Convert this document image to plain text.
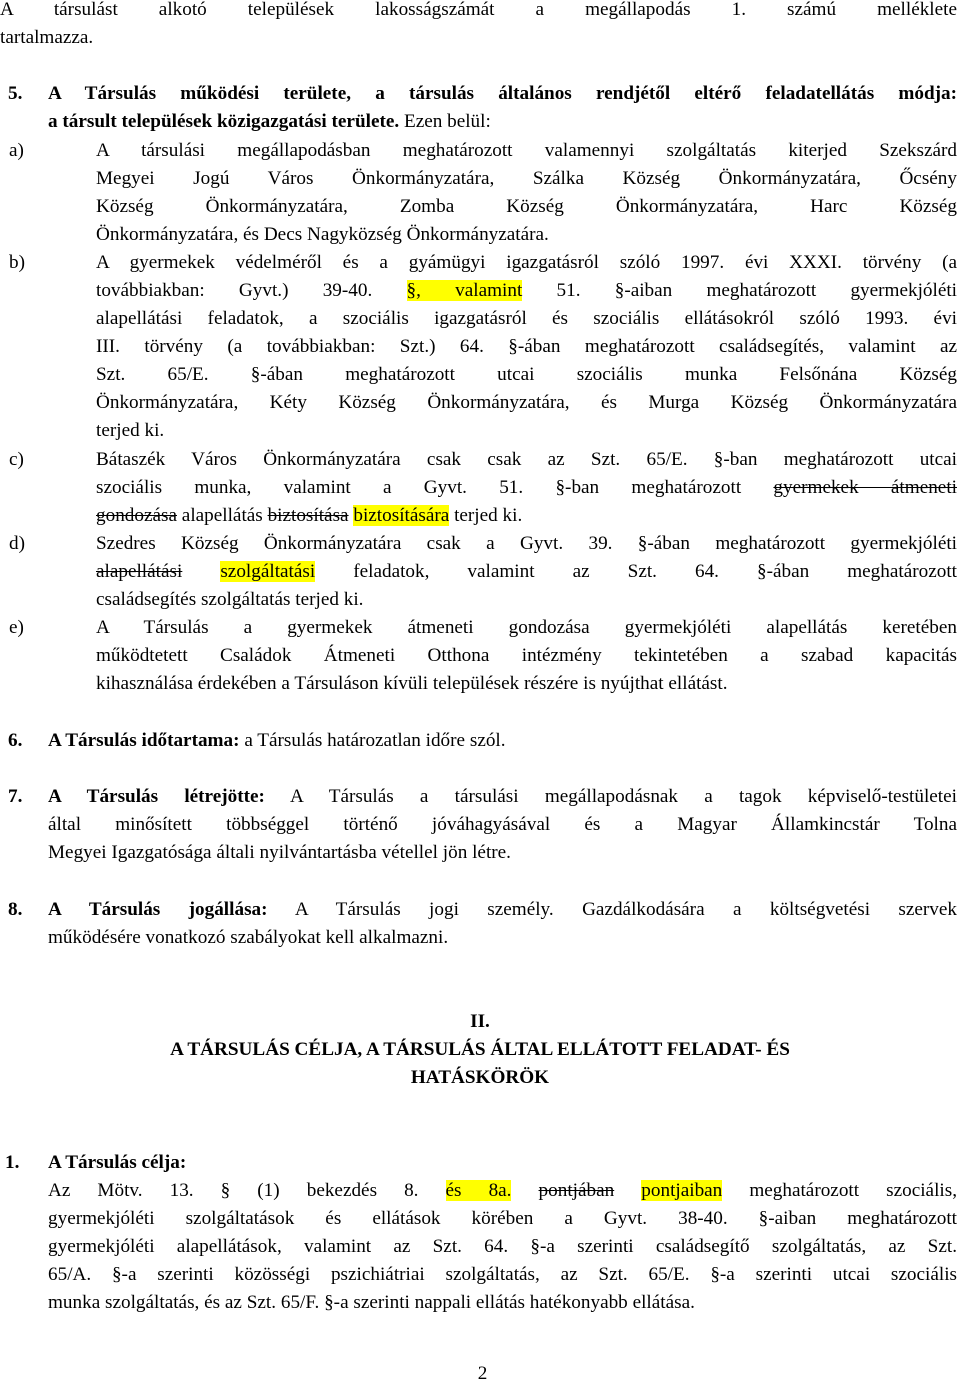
A társulást alkotó települések lakosságszámát a megállapodás 1. számú melléklete
tartalmazza.
5. A Társulás működési területe, a társulás általános rendjétől eltérő feladatellátás módja:
a társult települések közigazgatási területe. Ezen belül:
a)	A társulási megállapodásban meghatározott valamennyi szolgáltatás kiterjed Szekszárd
Megyei Jogú Város Önkormányzatára, Szálka Község Önkormányzatára, Őcsény
Község Önkormányzatára, Zomba Község Önkormányzatára, Harc Község
Önkormányzatára, és Decs Nagyközség Önkormányzatára.
b)	A gyermekek védelméről és a gyámügyi igazgatásról szóló 1997. évi XXXI. törvény (a
továbbiakban: Gyvt.) 39-40. §, valamint 51. §-aiban meghatározott gyermekjóléti
alapellátási feladatok, a szociális igazgatásról és szociális ellátásokról szóló 1993. évi
III. törvény (a továbbiakban: Szt.) 64. §-ában meghatározott családsegítés, valamint az
Szt. 65/E. §-ában meghatározott utcai szociális munka Felsőnána Község
Önkormányzatára, Kéty Község Önkormányzatára, és Murga Község Önkormányzatára
terjed ki.
c)	Bátaszék Város Önkormányzatára csak csak az Szt. 65/E. §-ban meghatározott utcai
szociális munka, valamint a Gyvt. 51. §-ban meghatározott gyermekek átmeneti
gondozása alapellátás biztosítása biztosítására terjed ki.
d)	Szedres Község Önkormányzatára csak a Gyvt. 39. §-ában meghatározott gyermekjóléti
alapellátási szolgáltatási feladatok, valamint az Szt. 64. §-ában meghatározott
családsegítés szolgáltatás terjed ki.
e)	A Társulás a gyermekek átmeneti gondozása gyermekjóléti alapellátás keretében
működtetett Családok Átmeneti Otthona intézmény tekintetében a szabad kapacitás
kihasználása érdekében a Társuláson kívüli települések részére is nyújthat ellátást.
6. A Társulás időtartama: a Társulás határozatlan időre szól.
7. A Társulás létrejötte: A Társulás a társulási megállapodásnak a tagok képviselő-testületei
által minősített többséggel történő jóváhagyásával és a Magyar Államkincstár Tolna
Megyei Igazgatósága általi nyilvántartásba vétellel jön létre.
8. A Társulás jogállása: A Társulás jogi személy. Gazdálkodására a költségvetési szervek
működésére vonatkozó szabályokat kell alkalmazni.
II.
A TÁRSULÁS CÉLJA, A TÁRSULÁS ÁLTAL ELLÁTOTT FELADAT- ÉS
HATÁSKÖRÖK
1. A Társulás célja:
Az Mötv. 13. § (1) bekezdés 8. és 8a. pontjában pontjaiban meghatározott szociális,
gyermekjóléti szolgáltatások és ellátások körében a Gyvt. 38-40. §-aiban meghatározott
gyermekjóléti alapellátások, valamint az Szt. 64. §-a szerinti családsegítő szolgáltatás, az Szt.
65/A. §-a szerinti közösségi pszichiátriai szolgáltatás, az Szt. 65/E. §-a szerinti utcai szociális
munka szolgáltatás, és az Szt. 65/F. §-a szerinti nappali ellátás hatékonyabb ellátása.
2
